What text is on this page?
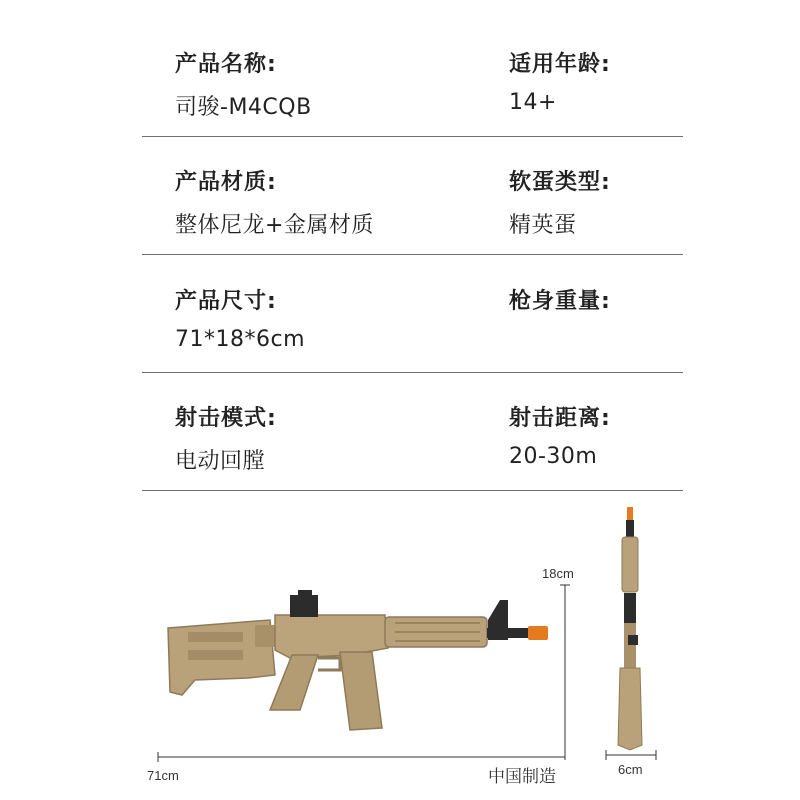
产品名称:
司骏-M4CQB
适用年龄:
14+
产品材质:
整体尼龙+金属材质
软蛋类型:
精英蛋
产品尺寸:
71*18*6cm
枪身重量:
射击模式:
电动回膛
射击距离:
20-30m
71cm
18cm
6cm
中国制造
